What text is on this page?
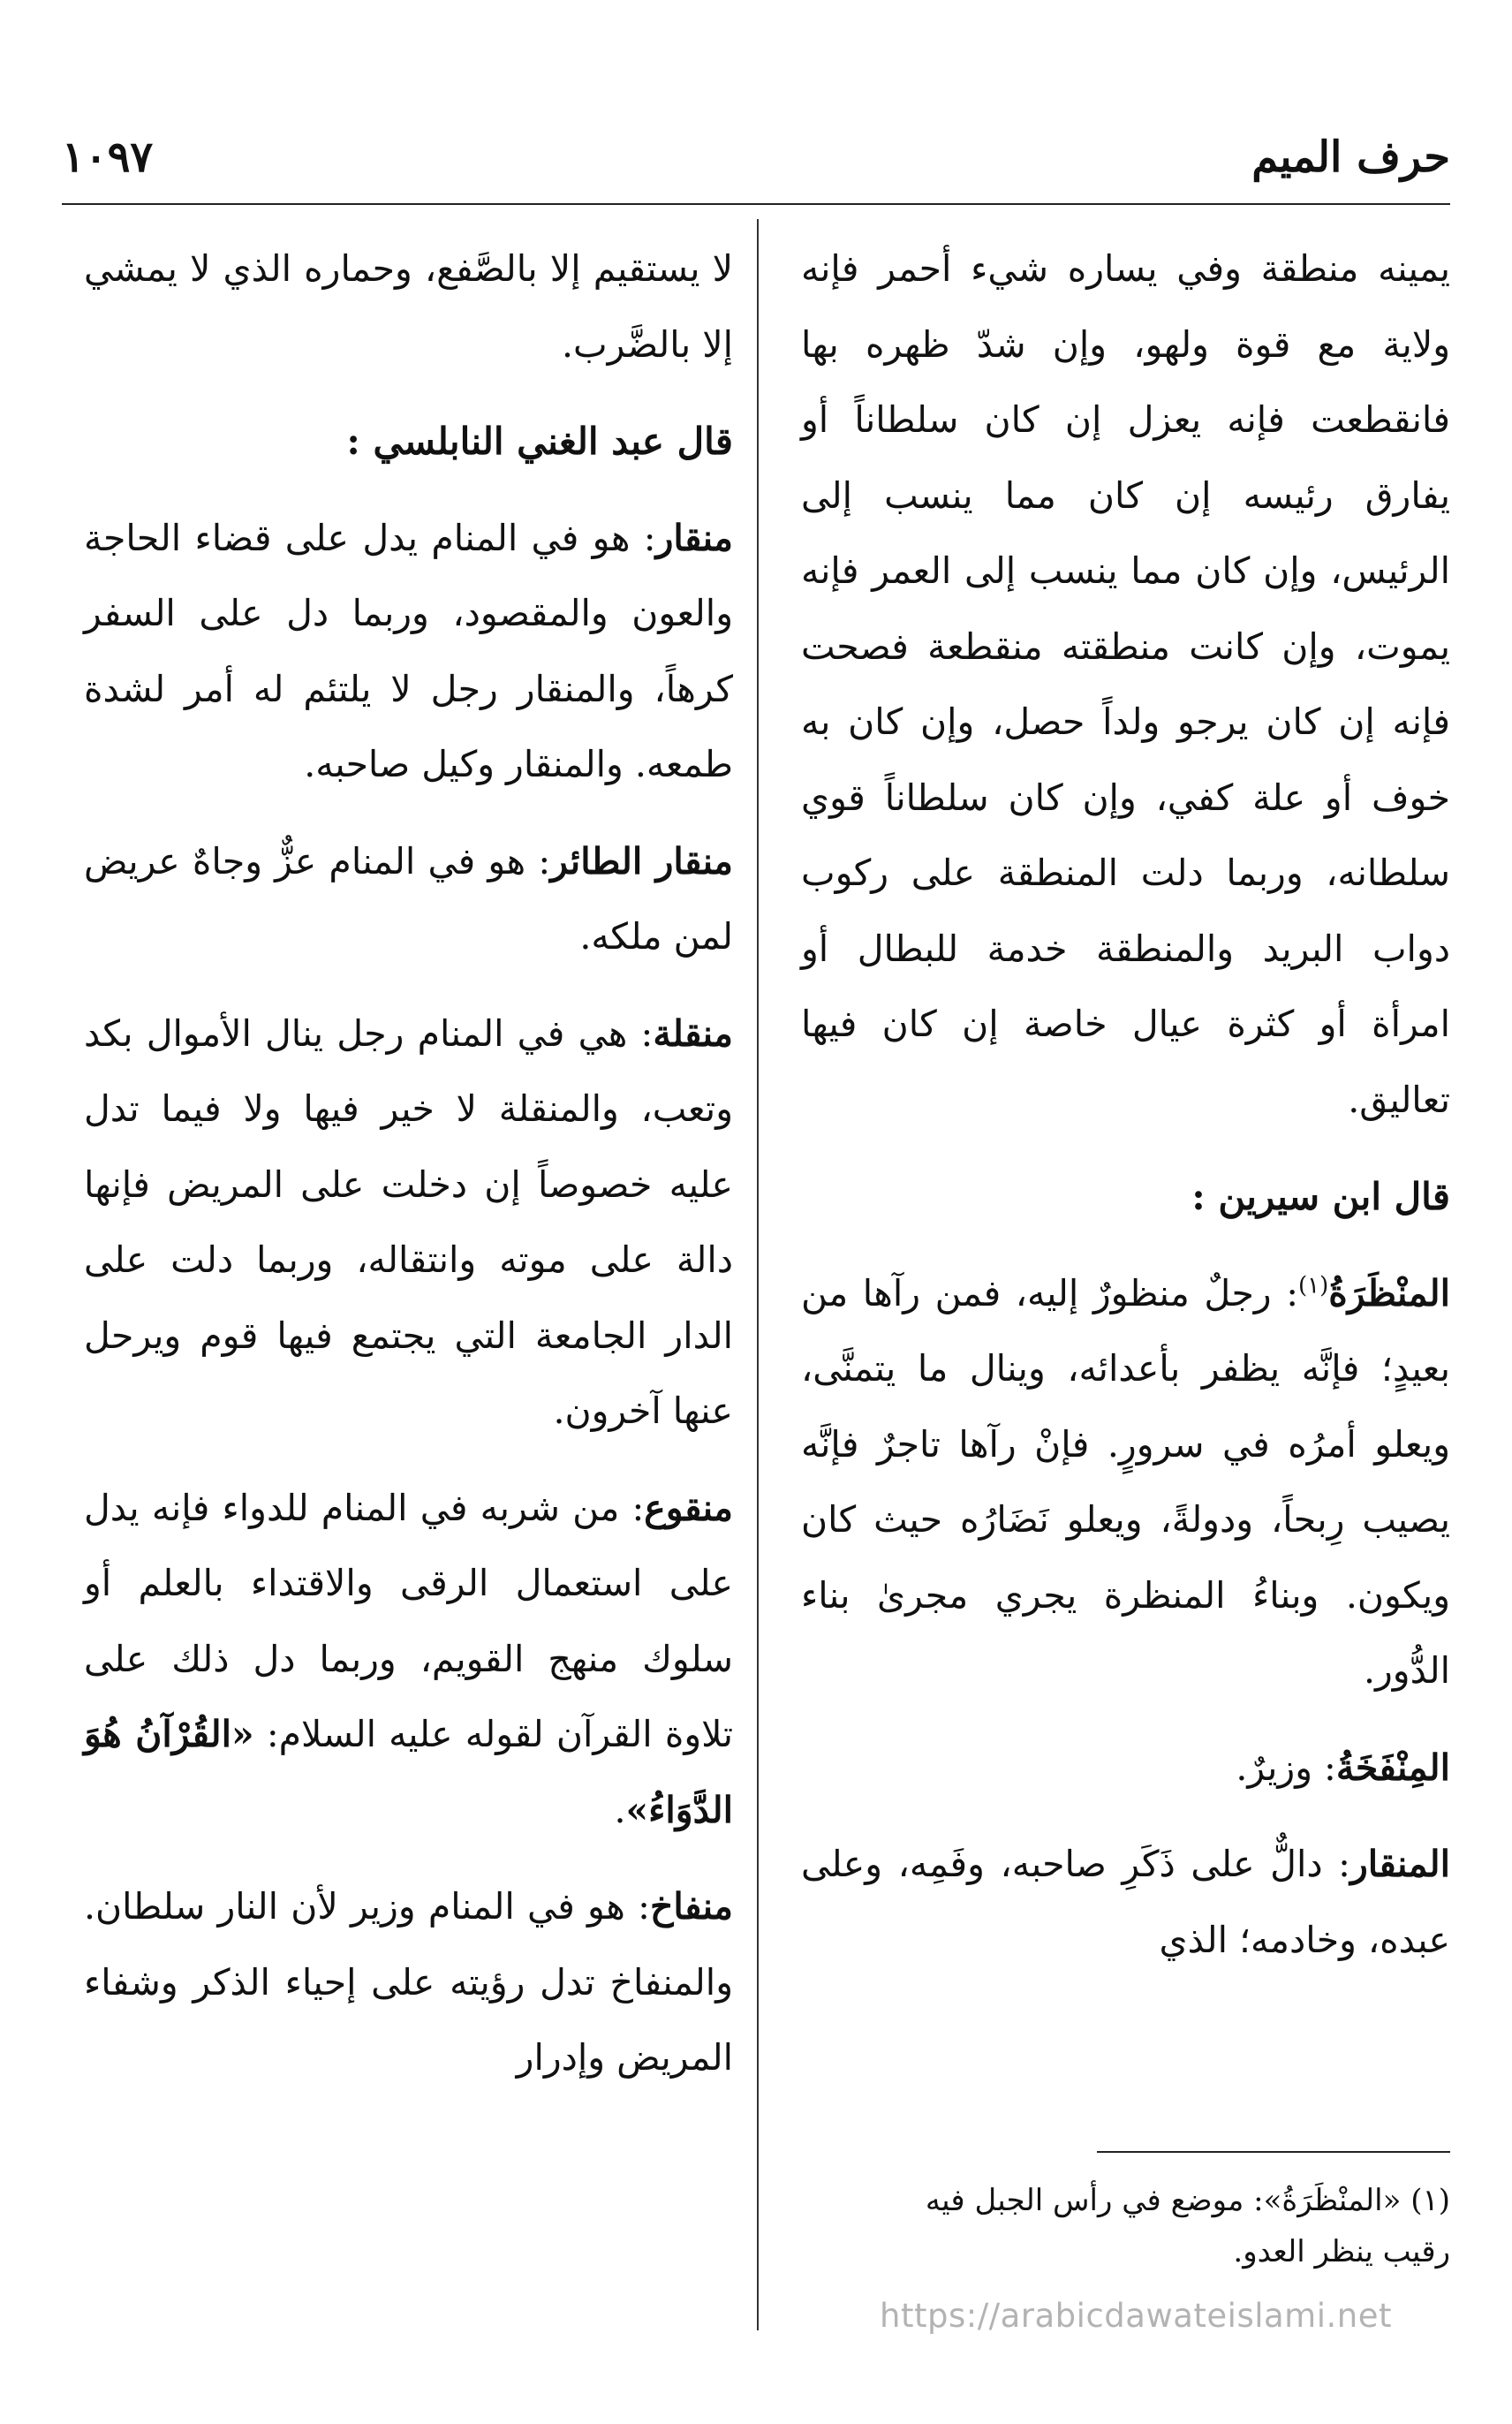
حرف الميم
١٠٩٧

يمينه منطقة وفي يساره شيء أحمر فإنه ولاية مع قوة ولهو، وإن شدّ ظهره بها فانقطعت فإنه يعزل إن كان سلطاناً أو يفارق رئيسه إن كان مما ينسب إلى الرئيس، وإن كان مما ينسب إلى العمر فإنه يموت، وإن كانت منطقته منقطعة فصحت فإنه إن كان يرجو ولداً حصل، وإن كان به خوف أو علة كفي، وإن كان سلطاناً قوي سلطانه، وربما دلت المنطقة على ركوب دواب البريد والمنطقة خدمة للبطال أو امرأة أو كثرة عيال خاصة إن كان فيها تعاليق.

قال ابن سيرين :

المنْظَرَةُ$^{(١)}$: رجلٌ منظورٌ إليه، فمن رآها من بعيدٍ؛ فإنَّه يظفر بأعدائه، وينال ما يتمنَّى، ويعلو أمرُه في سرورٍ. فإنْ رآها تاجرٌ فإنَّه يصيب رِبحاً، ودولةً، ويعلو نَضَارُه حيث كان ويكون. وبناءُ المنظرة يجري مجرىٰ بناء الدُّور.

المِنْفَخَةُ: وزيرٌ.

المنقار: دالٌّ على ذَكَرِ صاحبه، وفَمِه، وعلى عبده، وخادمه؛ الذي

لا يستقيم إلا بالصَّفع، وحماره الذي لا يمشي إلا بالضَّرب.

قال عبد الغني النابلسي :

منقار: هو في المنام يدل على قضاء الحاجة والعون والمقصود، وربما دل على السفر كرهاً، والمنقار رجل لا يلتئم له أمر لشدة طمعه. والمنقار وكيل صاحبه.

منقار الطائر: هو في المنام عزٌّ وجاهٌ عريض لمن ملكه.

منقلة: هي في المنام رجل ينال الأموال بكد وتعب، والمنقلة لا خير فيها ولا فيما تدل عليه خصوصاً إن دخلت على المريض فإنها دالة على موته وانتقاله، وربما دلت على الدار الجامعة التي يجتمع فيها قوم ويرحل عنها آخرون.

منقوع: من شربه في المنام للدواء فإنه يدل على استعمال الرقى والاقتداء بالعلم أو سلوك منهج القويم، وربما دل ذلك على تلاوة القرآن لقوله عليه السلام: «القُرْآنُ هُوَ الدَّوَاءُ».

منفاخ: هو في المنام وزير لأن النار سلطان. والمنفاخ تدل رؤيته على إحياء الذكر وشفاء المريض وإدرار

(١) «المنْظَرَةُ»: موضع في رأس الجبل فيه

رقيب ينظر العدو.

https://arabicdawateislami.net
